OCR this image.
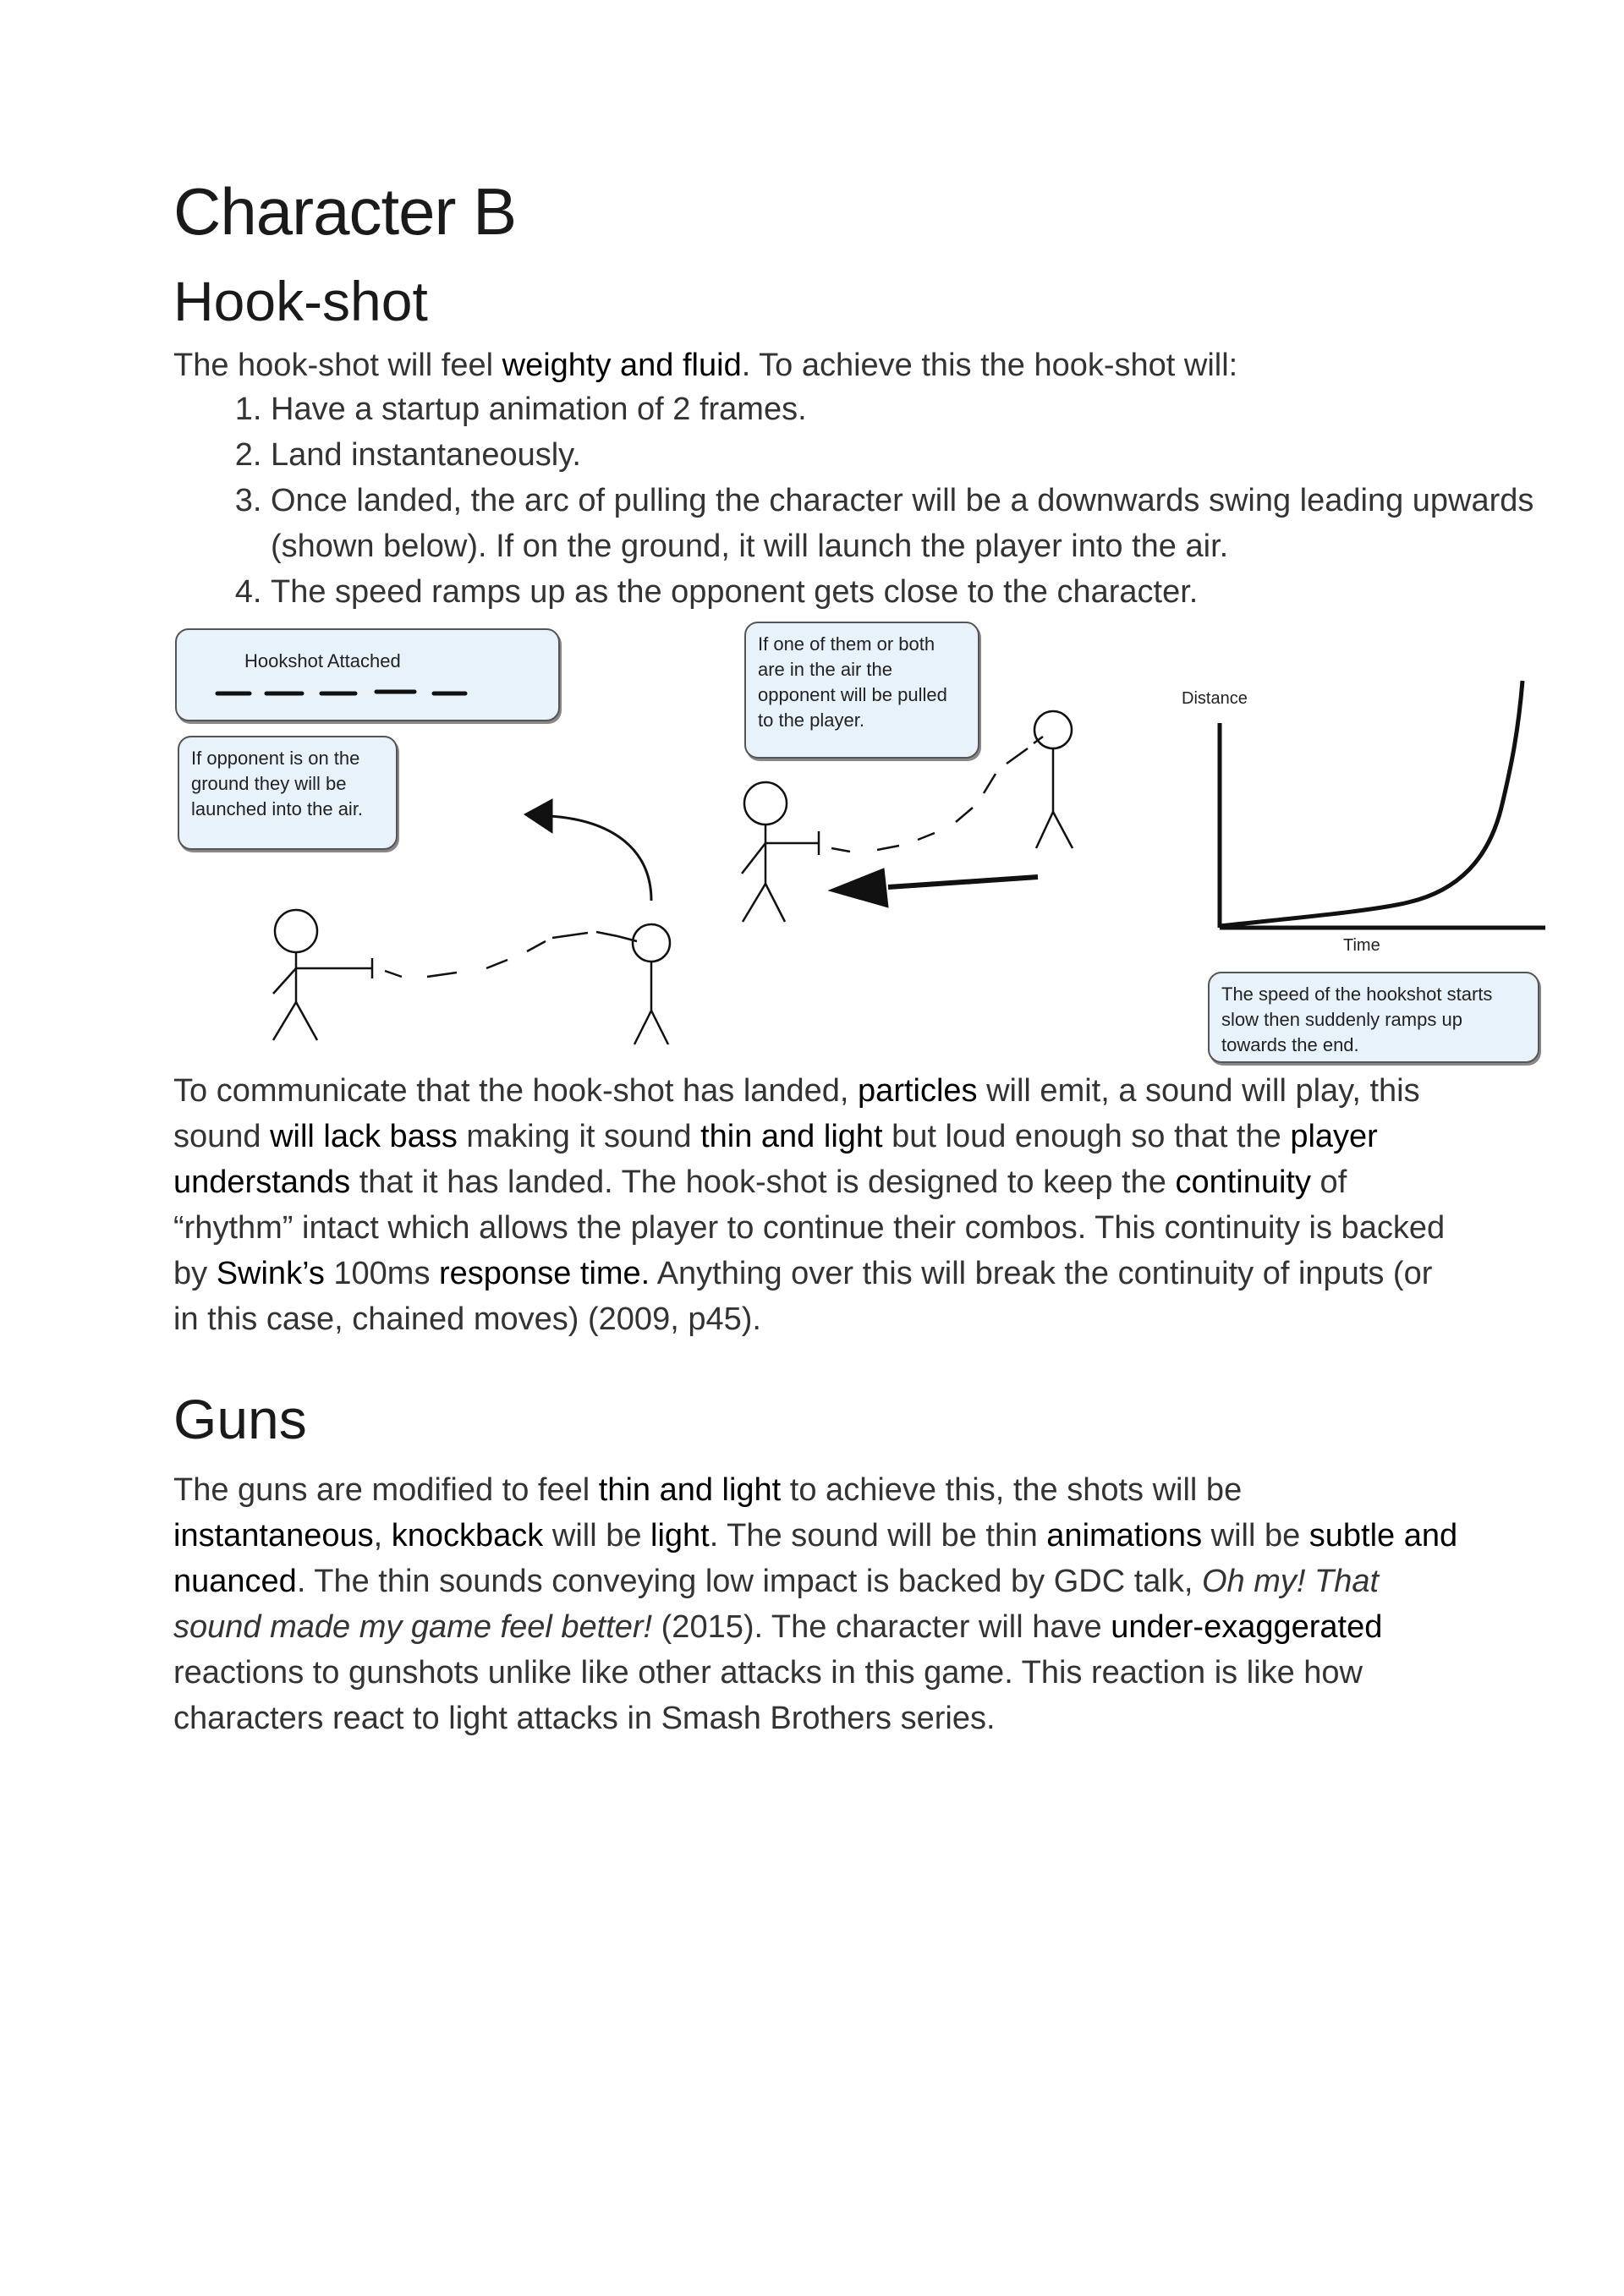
Character B
Hook-shot

The hook-shot will feel weighty and fluid. To achieve this the hook-shot will:

1. Have a startup animation of 2 frames.
2. Land instantaneously.
3. Once landed, the arc of pulling the character will be a downwards swing leading upwards (shown below). If on the ground, it will launch the player into the air.
4. The speed ramps up as the opponent gets close to the character.
Hookshot Attached
If opponent is on the ground they will be launched into the air.
If one of them or both are in the air the opponent will be pulled to the player.
The speed of the hookshot starts slow then suddenly ramps up towards the end.
Distance
Time

To communicate that the hook-shot has landed, particles will emit, a sound will play, this sound will lack bass making it sound thin and light but loud enough so that the player understands that it has landed. The hook-shot is designed to keep the continuity of “rhythm” intact which allows the player to continue their combos. This continuity is backed by Swink’s 100ms response time. Anything over this will break the continuity of inputs (or in this case, chained moves) (2009, p45).

Guns

The guns are modified to feel thin and light to achieve this, the shots will be instantaneous, knockback will be light. The sound will be thin animations will be subtle and nuanced. The thin sounds conveying low impact is backed by GDC talk, Oh my! That sound made my game feel better! (2015). The character will have under-exaggerated reactions to gunshots unlike like other attacks in this game. This reaction is like how characters react to light attacks in Smash Brothers series.
